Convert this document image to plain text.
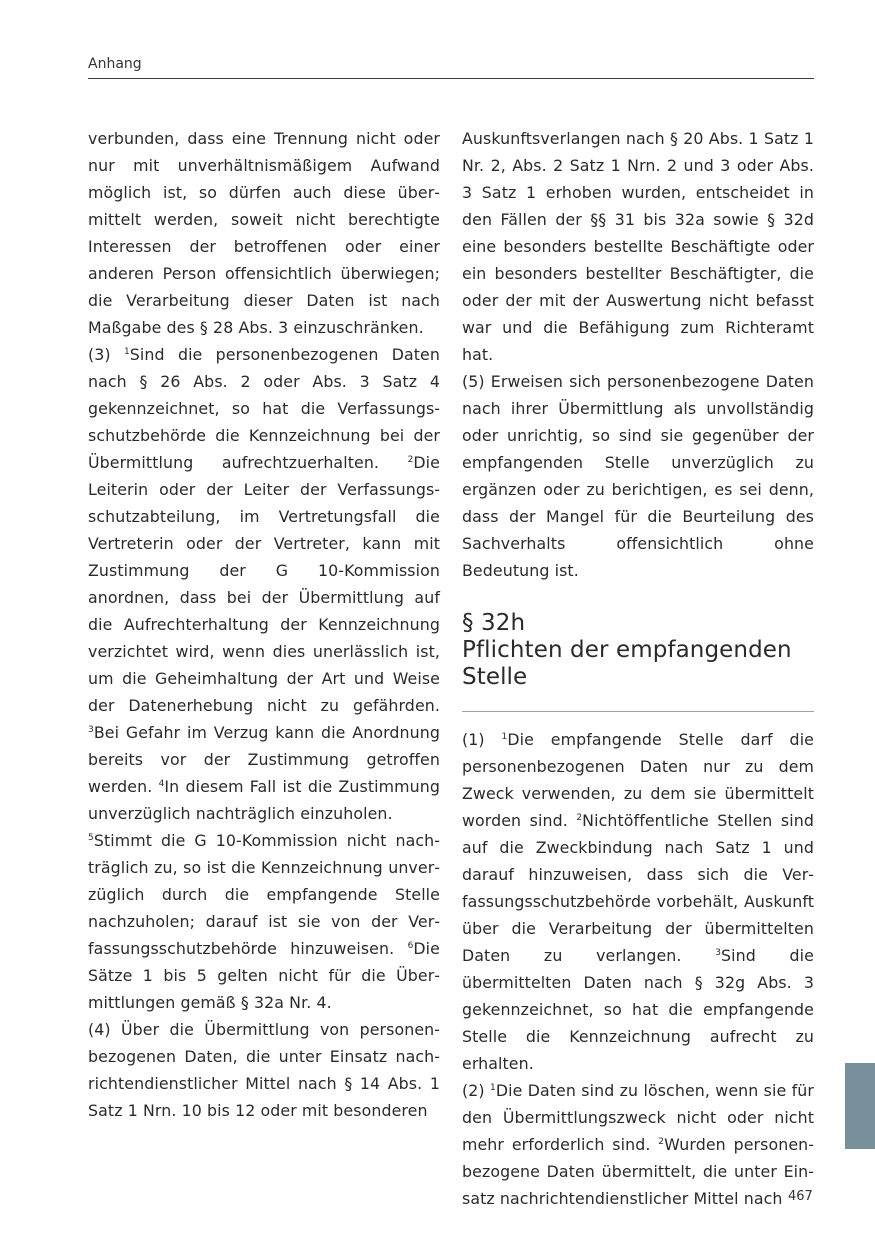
Anhang

verbunden, dass eine Trennung nicht oder nur mit unverhältnismäßigem Aufwand möglich ist, so dürfen auch diese übermittelt werden, soweit nicht berechtigte Interessen der betroffenen oder einer anderen Person offensichtlich überwiegen; die Verarbeitung dieser Daten ist nach Maßgabe des § 28 Abs. 3 einzuschränken.

(3) $^1$Sind die personenbezogenen Daten nach § 26 Abs. 2 oder Abs. 3 Satz 4 gekennzeichnet, so hat die Verfassungsschutzbehörde die Kennzeichnung bei der Übermittlung aufrechtzuerhalten. $^2$Die Leiterin oder der Leiter der Verfassungsschutzabteilung, im Vertretungsfall die Vertreterin oder der Vertreter, kann mit Zustimmung der G 10-Kommission anordnen, dass bei der Übermittlung auf die Aufrechterhaltung der Kennzeichnung verzichtet wird, wenn dies unerlässlich ist, um die Geheimhaltung der Art und Weise der Datenerhebung nicht zu gefährden. $^3$Bei Gefahr im Verzug kann die Anordnung bereits vor der Zustimmung getroffen werden. $^4$In diesem Fall ist die Zustimmung unverzüglich nachträglich einzuholen.
$^5$Stimmt die G 10-Kommission nicht nachträglich zu, so ist die Kennzeichnung unverzüglich durch die empfangende Stelle nachzuholen; darauf ist sie von der Verfassungsschutzbehörde hinzuweisen. $^6$Die Sätze 1 bis 5 gelten nicht für die Übermittlungen gemäß § 32a Nr. 4.

(4) Über die Übermittlung von personenbezogenen Daten, die unter Einsatz nachrichtendienstlicher Mittel nach § 14 Abs. 1 Satz 1 Nrn. 10 bis 12 oder mit besonderen

Auskunftsverlangen nach § 20 Abs. 1 Satz 1 Nr. 2, Abs. 2 Satz 1 Nrn. 2 und 3 oder Abs. 3 Satz 1 erhoben wurden, entscheidet in den Fällen der §§ 31 bis 32a sowie § 32d eine besonders bestellte Beschäftigte oder ein besonders bestellter Beschäftigter, die oder der mit der Auswertung nicht befasst war und die Befähigung zum Richteramt hat.

(5) Erweisen sich personenbezogene Daten nach ihrer Übermittlung als unvollständig oder unrichtig, so sind sie gegenüber der empfangenden Stelle unverzüglich zu ergänzen oder zu berichtigen, es sei denn, dass der Mangel für die Beurteilung des Sachverhalts offensichtlich ohne Bedeutung ist.

§ 32h
Pflichten der empfangenden Stelle

(1) $^1$Die empfangende Stelle darf die personenbezogenen Daten nur zu dem Zweck verwenden, zu dem sie übermittelt worden sind. $^2$Nichtöffentliche Stellen sind auf die Zweckbindung nach Satz 1 und darauf hinzuweisen, dass sich die Verfassungsschutzbehörde vorbehält, Auskunft über die Verarbeitung der übermittelten Daten zu verlangen. $^3$Sind die übermittelten Daten nach § 32g Abs. 3 gekennzeichnet, so hat die empfangende Stelle die Kennzeichnung aufrecht zu erhalten.

(2) $^1$Die Daten sind zu löschen, wenn sie für den Übermittlungszweck nicht oder nicht mehr erforderlich sind. $^2$Wurden personenbezogene Daten übermittelt, die unter Einsatz nachrichtendienstlicher Mittel nach 467
